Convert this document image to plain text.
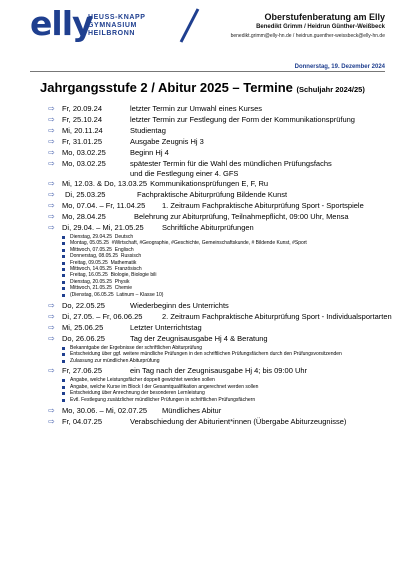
elly
HEUSS-KNAPP
GYMNASIUM
HEILBRONN
Oberstufenberatung am Elly
Benedikt Grimm / Heidrun Günther-Weißbeck
benedikt.grimm@elly-hn.de / heidrun.guenther-weissbeck@elly-hn.de
Donnerstag, 19. Dezember 2024
Jahrgangsstufe 2 / Abitur 2025 – Termine (Schuljahr 2024/25)
⇨ Fr, 20.09.24	letzter Termin zur Umwahl eines Kurses
⇨ Fr, 25.10.24	letzter Termin zur Festlegung der Form der Kommunikationsprüfung
⇨ Mi, 20.11.24	Studientag
⇨ Fr, 31.01.25	Ausgabe Zeugnis Hj 3
⇨ Mo, 03.02.25	Beginn Hj 4
⇨ Mo, 03.02.25	spätester Termin für die Wahl des mündlichen Prüfungsfachs
und die Festlegung einer 4. GFS
⇨ Mi, 12.03. & Do, 13.03.25 Kommunikationsprüfungen E, F, Ru
⇨	Di, 25.03.25	Fachpraktische Abiturprüfung Bildende Kunst
⇨ Mo, 07.04. – Fr, 11.04.25	1. Zeitraum Fachpraktische Abiturprüfung Sport - Sportspiele
⇨ Mo, 28.04.25	Belehrung zur Abiturprüfung, Teilnahmepflicht, 09:00 Uhr, Mensa
⇨ Di, 29.04. – Mi, 21.05.25	Schriftliche Abiturprüfungen
Dienstag, 29.04.25  Deutsch
Montag, 05.05.25  #Wirtschaft, #Geographie, #Geschichte, Gemeinschaftskunde, # Bildende Kunst, #Sport
Mittwoch, 07.05.25  Englisch
Donnerstag, 08.05.25  Russisch
Freitag, 09.05.25  Mathematik
Mittwoch, 14.05.25  Französisch
Freitag, 16.05.25  Biologie, Biologie bili
Dienstag, 20.05.25  Physik
Mittwoch, 21.05.25  Chemie
(Dienstag, 06.05.25  Latinum – Klasse 10)
⇨ Do, 22.05.25	Wiederbeginn des Unterrichts
⇨ Di, 27.05. – Fr, 06.06.25	2. Zeitraum Fachpraktische Abiturprüfung Sport - Individualsportarten
⇨ Mi, 25.06.25	Letzter Unterrichtstag
⇨ Do, 26.06.25	Tag der Zeugnisausgabe Hj 4 & Beratung
Bekanntgabe der Ergebnisse der schriftlichen Abiturprüfung
Entscheidung über ggf. weitere mündliche Prüfungen in den schriftlichen Prüfungsfächern durch den Prüfungsvorsitzenden
Zulassung zur mündlichen Abiturprüfung
⇨ Fr, 27.06.25	ein Tag nach der Zeugnisausgabe Hj 4; bis 09:00 Uhr
Angabe, welche Leistungsfächer doppelt gewichtet werden sollen
Angabe, welche Kurse im Block I der Gesamtqualifikation angerechnet werden sollen
Entscheidung über Anrechnung der besonderen Lernleistung
Evtl. Festlegung zusätzlicher mündlicher Prüfungen in schriftlichen Prüfungsfächern
⇨ Mo, 30.06. – Mi, 02.07.25	Mündliches Abitur
⇨ Fr, 04.07.25	Verabschiedung der Abiturient*innen (Übergabe Abiturzeugnisse)
